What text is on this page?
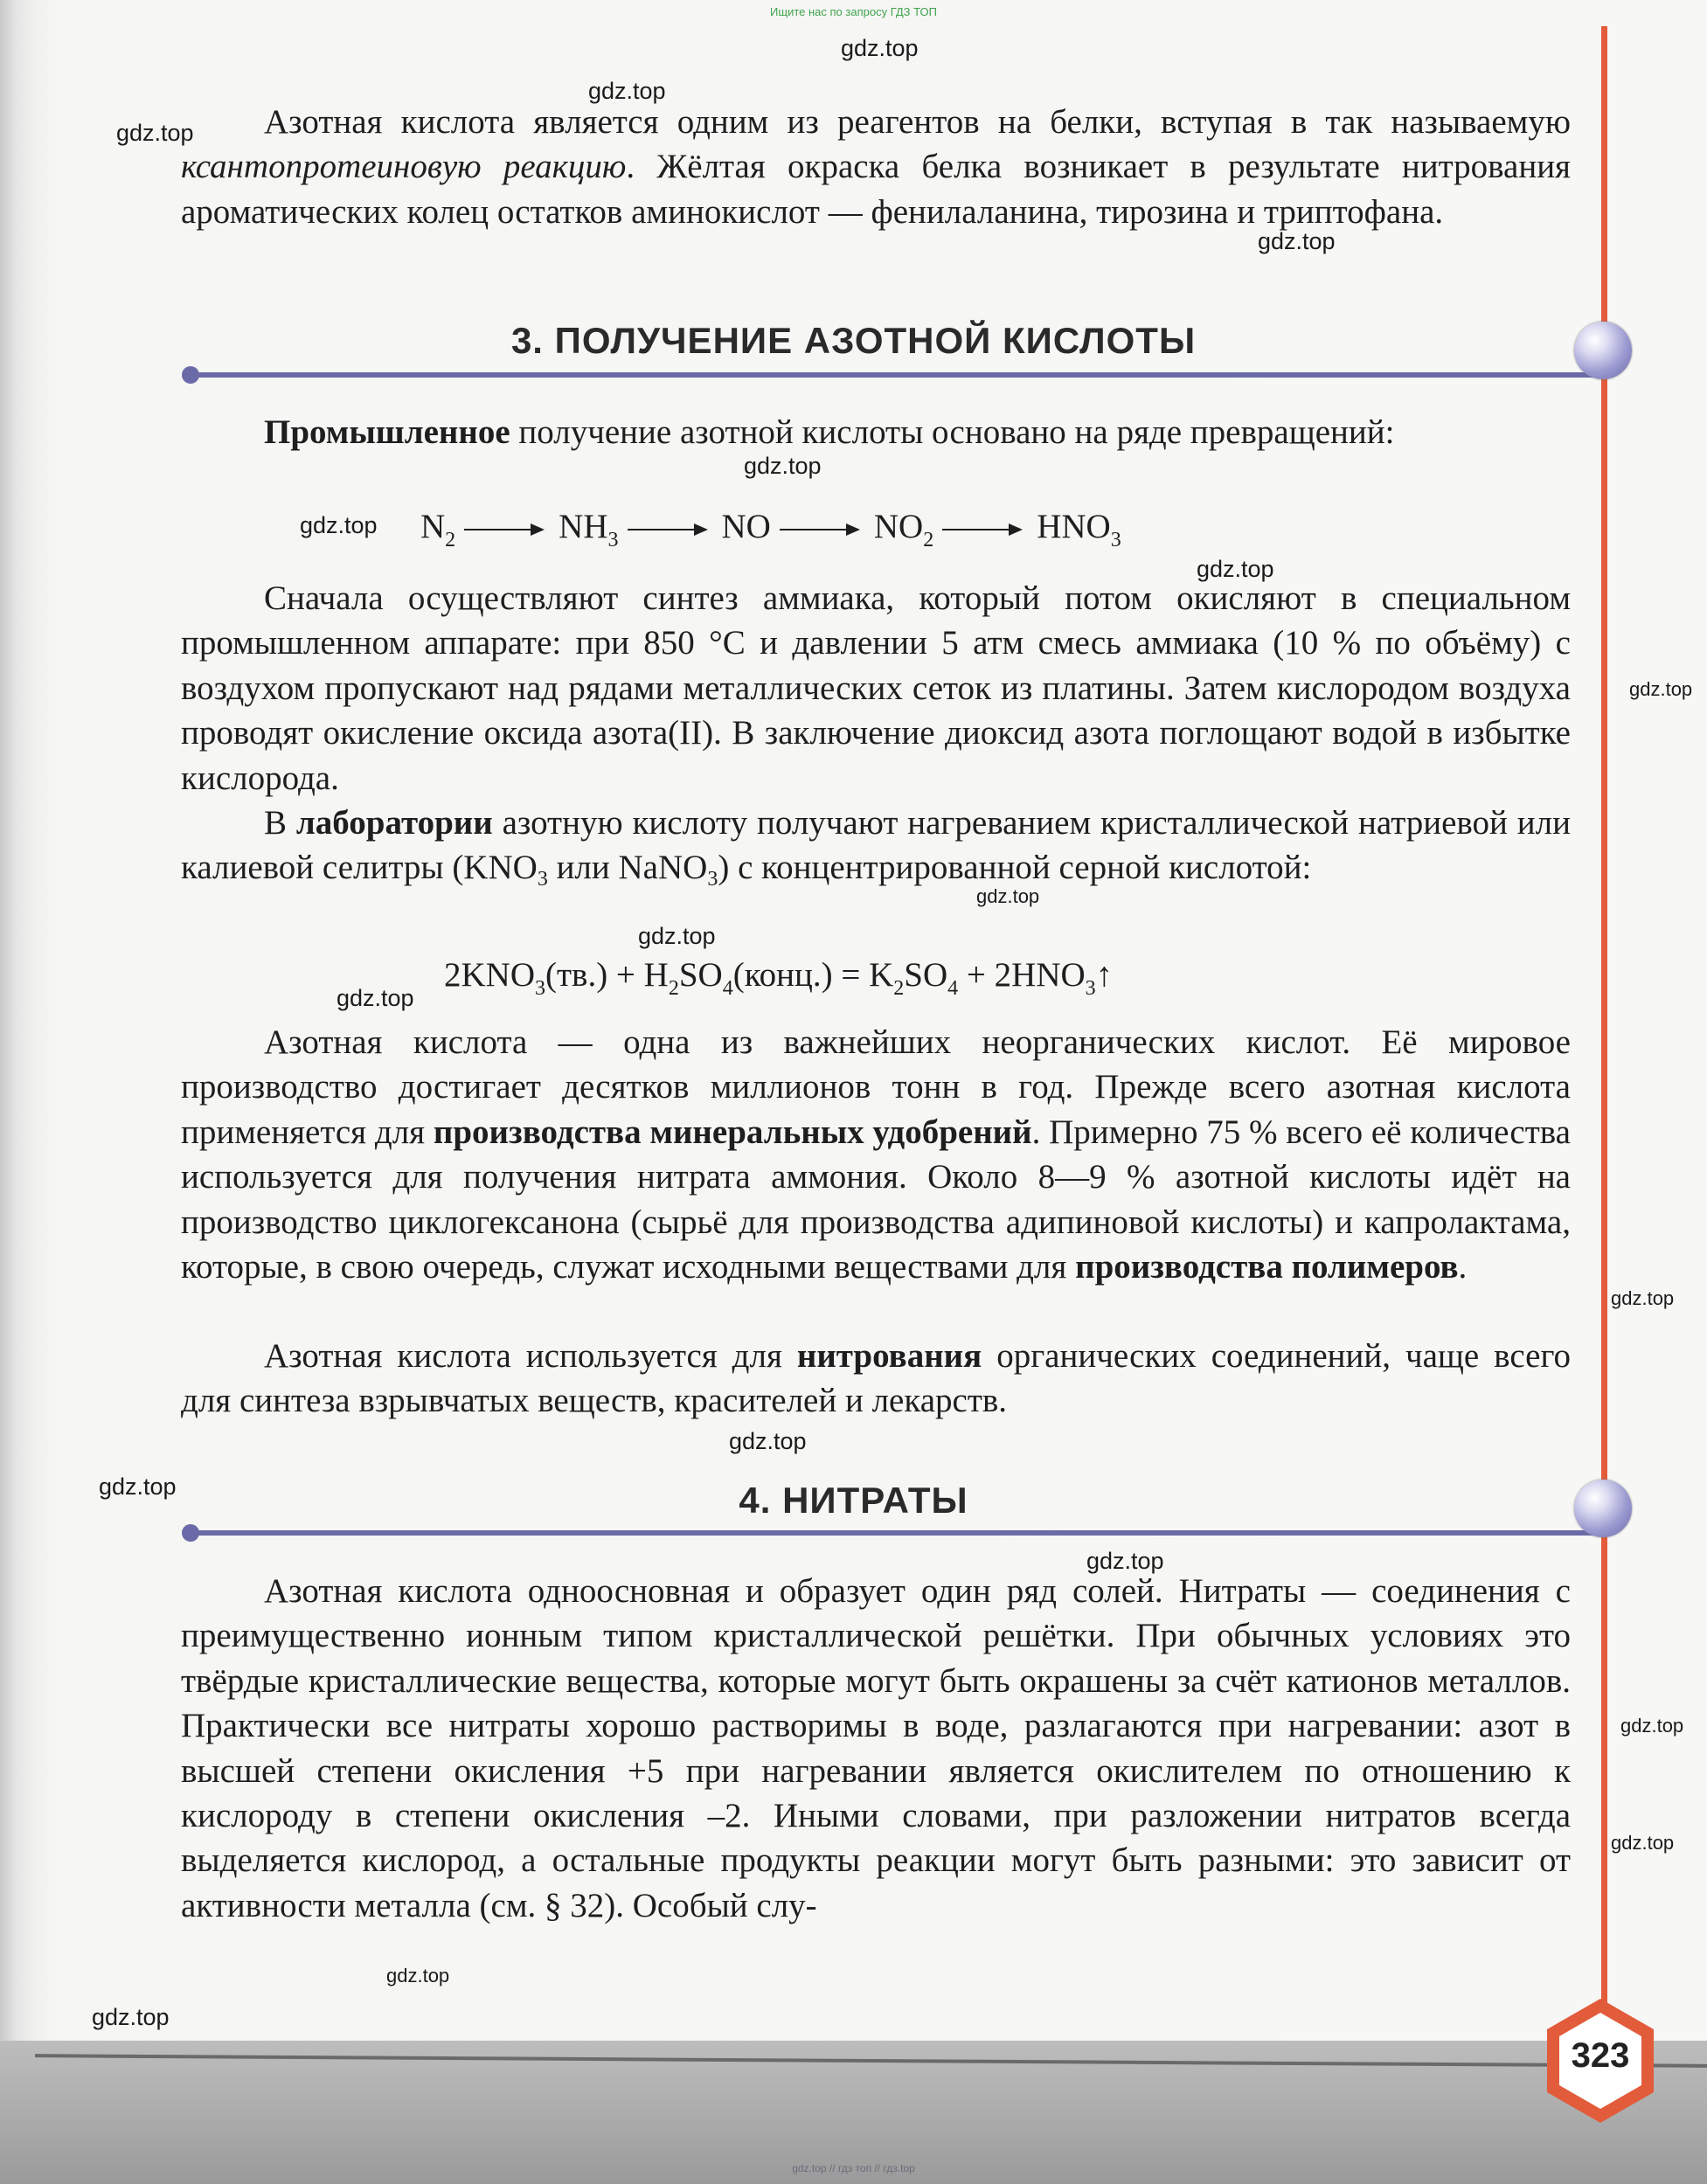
Ищите нас по запросу ГДЗ ТОП

Азотная кислота является одним из реагентов на белки, вступая в так называемую ксантопротеиновую реакцию. Жёлтая окраска белка возникает в результате нитрования ароматических колец остатков аминокислот — фенилаланина, тирозина и триптофана.

3. ПОЛУЧЕНИЕ АЗОТНОЙ КИСЛОТЫ

Промышленное получение азотной кислоты основано на ряде превращений:

$N_2$	$NH_3$	NO	$NO_2$	$HNO_3$

Сначала осуществляют синтез аммиака, который потом окисляют в специальном промышленном аппарате: при 850 °С и давлении 5 атм смесь аммиака (10 % по объёму) с воздухом пропускают над рядами металлических сеток из платины. Затем кислородом воздуха проводят окисление оксида азота(II). В заключение диоксид азота поглощают водой в избытке кислорода.

В лаборатории азотную кислоту получают нагреванием кристаллической натриевой или калиевой селитры ($KNO_3$ или NaNO$_3$) с концентрированной серной кислотой:

$2KNO_3(тв.)$ + $H_2SO_4(конц.) = K_2SO_4$ + $2HNO_3↑$

Азотная кислота — одна из важнейших неорганических кислот. Её мировое производство достигает десятков миллионов тонн в год. Прежде всего азотная кислота применяется для производства минеральных удобрений. Примерно 75 % всего её количества используется для получения нитрата аммония. Около 8—9 % азотной кислоты идёт на производство циклогексанона (сырьё для производства адипиновой кислоты) и капролактама, которые, в свою очередь, служат исходными веществами для производства полимеров.

Азотная кислота используется для нитрования органических соединений, чаще всего для синтеза взрывчатых веществ, красителей и лекарств.

4. НИТРАТЫ

Азотная кислота одноосновная и образует один ряд солей. Нитраты — соединения с преимущественно ионным типом кристаллической решётки. При обычных условиях это твёрдые кристаллические вещества, которые могут быть окрашены за счёт катионов металлов. Практически все нитраты хорошо растворимы в воде, разлагаются при нагревании: азот в высшей степени окисления +5 при нагревании является окислителем по отношению к кислороду в степени окисления –2. Иными словами, при разложении нитратов всегда выделяется кислород, а остальные продукты реакции могут быть разными: это зависит от активности металла (см. § 32). Особый слу-

323
gdz.top
gdz.top
gdz.top
gdz.top
gdz.top
gdz.top
gdz.top
gdz.top
gdz.top
gdz.top
gdz.top
gdz.top
gdz.top
gdz.top
gdz.top
gdz.top
gdz.top
gdz.top
gdz.top
gdz.top // гдз топ // гдз.top
